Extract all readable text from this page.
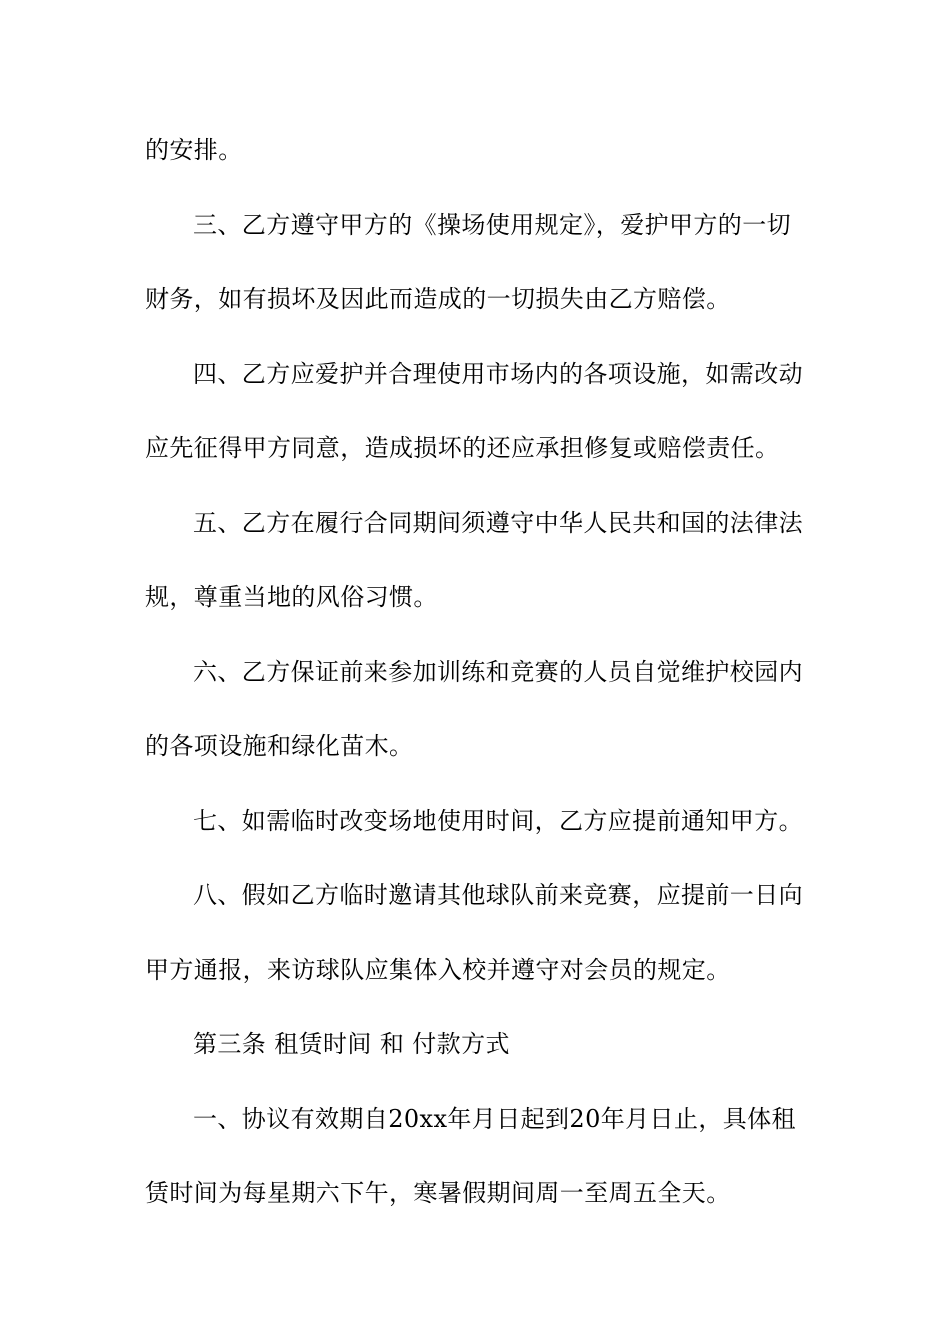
的安排。
三、乙方遵守甲方的《操场使用规定》，爱护甲方的一切
财务，如有损坏及因此而造成的一切损失由乙方赔偿。
四、乙方应爱护并合理使用市场内的各项设施，如需改动
应先征得甲方同意，造成损坏的还应承担修复或赔偿责任。
五、乙方在履行合同期间须遵守中华人民共和国的法律法
规，尊重当地的风俗习惯。
六、乙方保证前来参加训练和竞赛的人员自觉维护校园内
的各项设施和绿化苗木。
七、如需临时改变场地使用时间，乙方应提前通知甲方。
八、假如乙方临时邀请其他球队前来竞赛，应提前一日向
甲方通报，来访球队应集体入校并遵守对会员的规定。
第三条 租赁时间 和 付款方式
一、协议有效期自20xx年月日起到20年月日止，具体租
赁时间为每星期六下午，寒暑假期间周一至周五全天。
